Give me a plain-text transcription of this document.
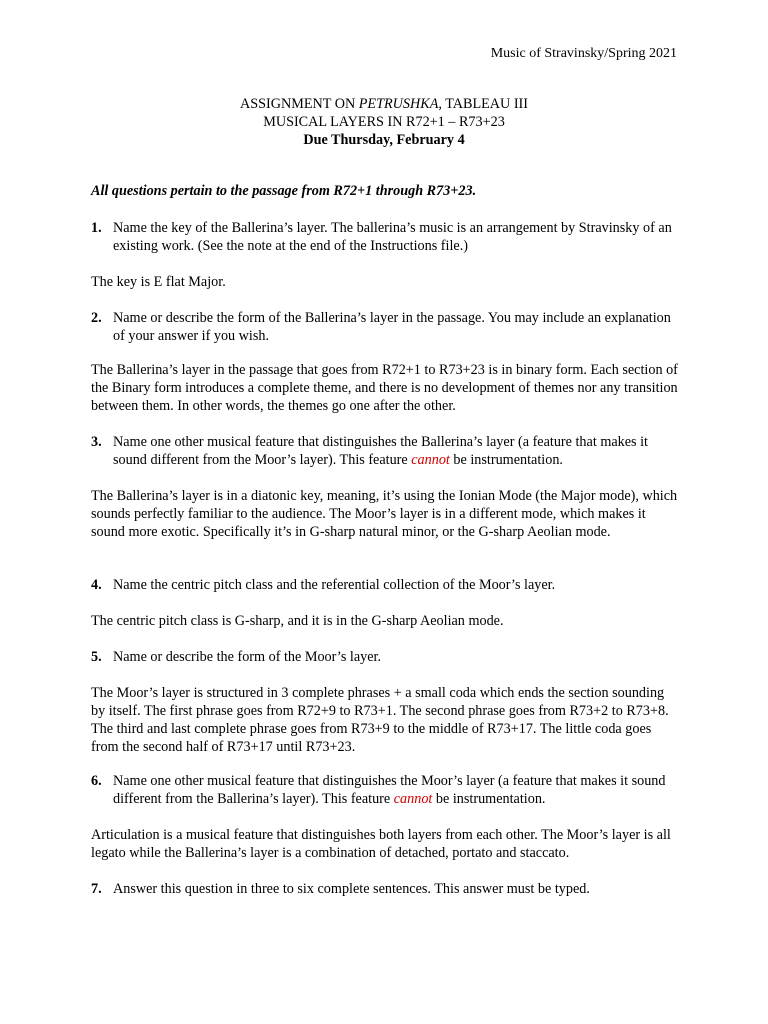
Music of Stravinsky/Spring 2021
ASSIGNMENT ON PETRUSHKA, TABLEAU III
MUSICAL LAYERS IN R72+1 – R73+23
Due Thursday, February 4
All questions pertain to the passage from R72+1 through R73+23.
1. Name the key of the Ballerina’s layer. The ballerina’s music is an arrangement by Stravinsky of an existing work. (See the note at the end of the Instructions file.)
The key is E flat Major.
2. Name or describe the form of the Ballerina’s layer in the passage. You may include an explanation of your answer if you wish.
The Ballerina’s layer in the passage that goes from R72+1 to R73+23 is in binary form. Each section of the Binary form introduces a complete theme, and there is no development of themes nor any transition between them. In other words, the themes go one after the other.
3. Name one other musical feature that distinguishes the Ballerina’s layer (a feature that makes it sound different from the Moor’s layer). This feature cannot be instrumentation.
The Ballerina’s layer is in a diatonic key, meaning, it’s using the Ionian Mode (the Major mode), which sounds perfectly familiar to the audience. The Moor’s layer is in a different mode, which makes it sound more exotic. Specifically it’s in G-sharp natural minor, or the G-sharp Aeolian mode.
4. Name the centric pitch class and the referential collection of the Moor’s layer.
The centric pitch class is G-sharp, and it is in the G-sharp Aeolian mode.
5. Name or describe the form of the Moor’s layer.
The Moor’s layer is structured in 3 complete phrases + a small coda which ends the section sounding by itself. The first phrase goes from R72+9 to R73+1. The second phrase goes from R73+2 to R73+8. The third and last complete phrase goes from R73+9 to the middle of R73+17. The little coda goes from the second half of R73+17 until R73+23.
6. Name one other musical feature that distinguishes the Moor’s layer (a feature that makes it sound different from the Ballerina’s layer). This feature cannot be instrumentation.
Articulation is a musical feature that distinguishes both layers from each other. The Moor’s layer is all legato while the Ballerina’s layer is a combination of detached, portato and staccato.
7. Answer this question in three to six complete sentences. This answer must be typed.
